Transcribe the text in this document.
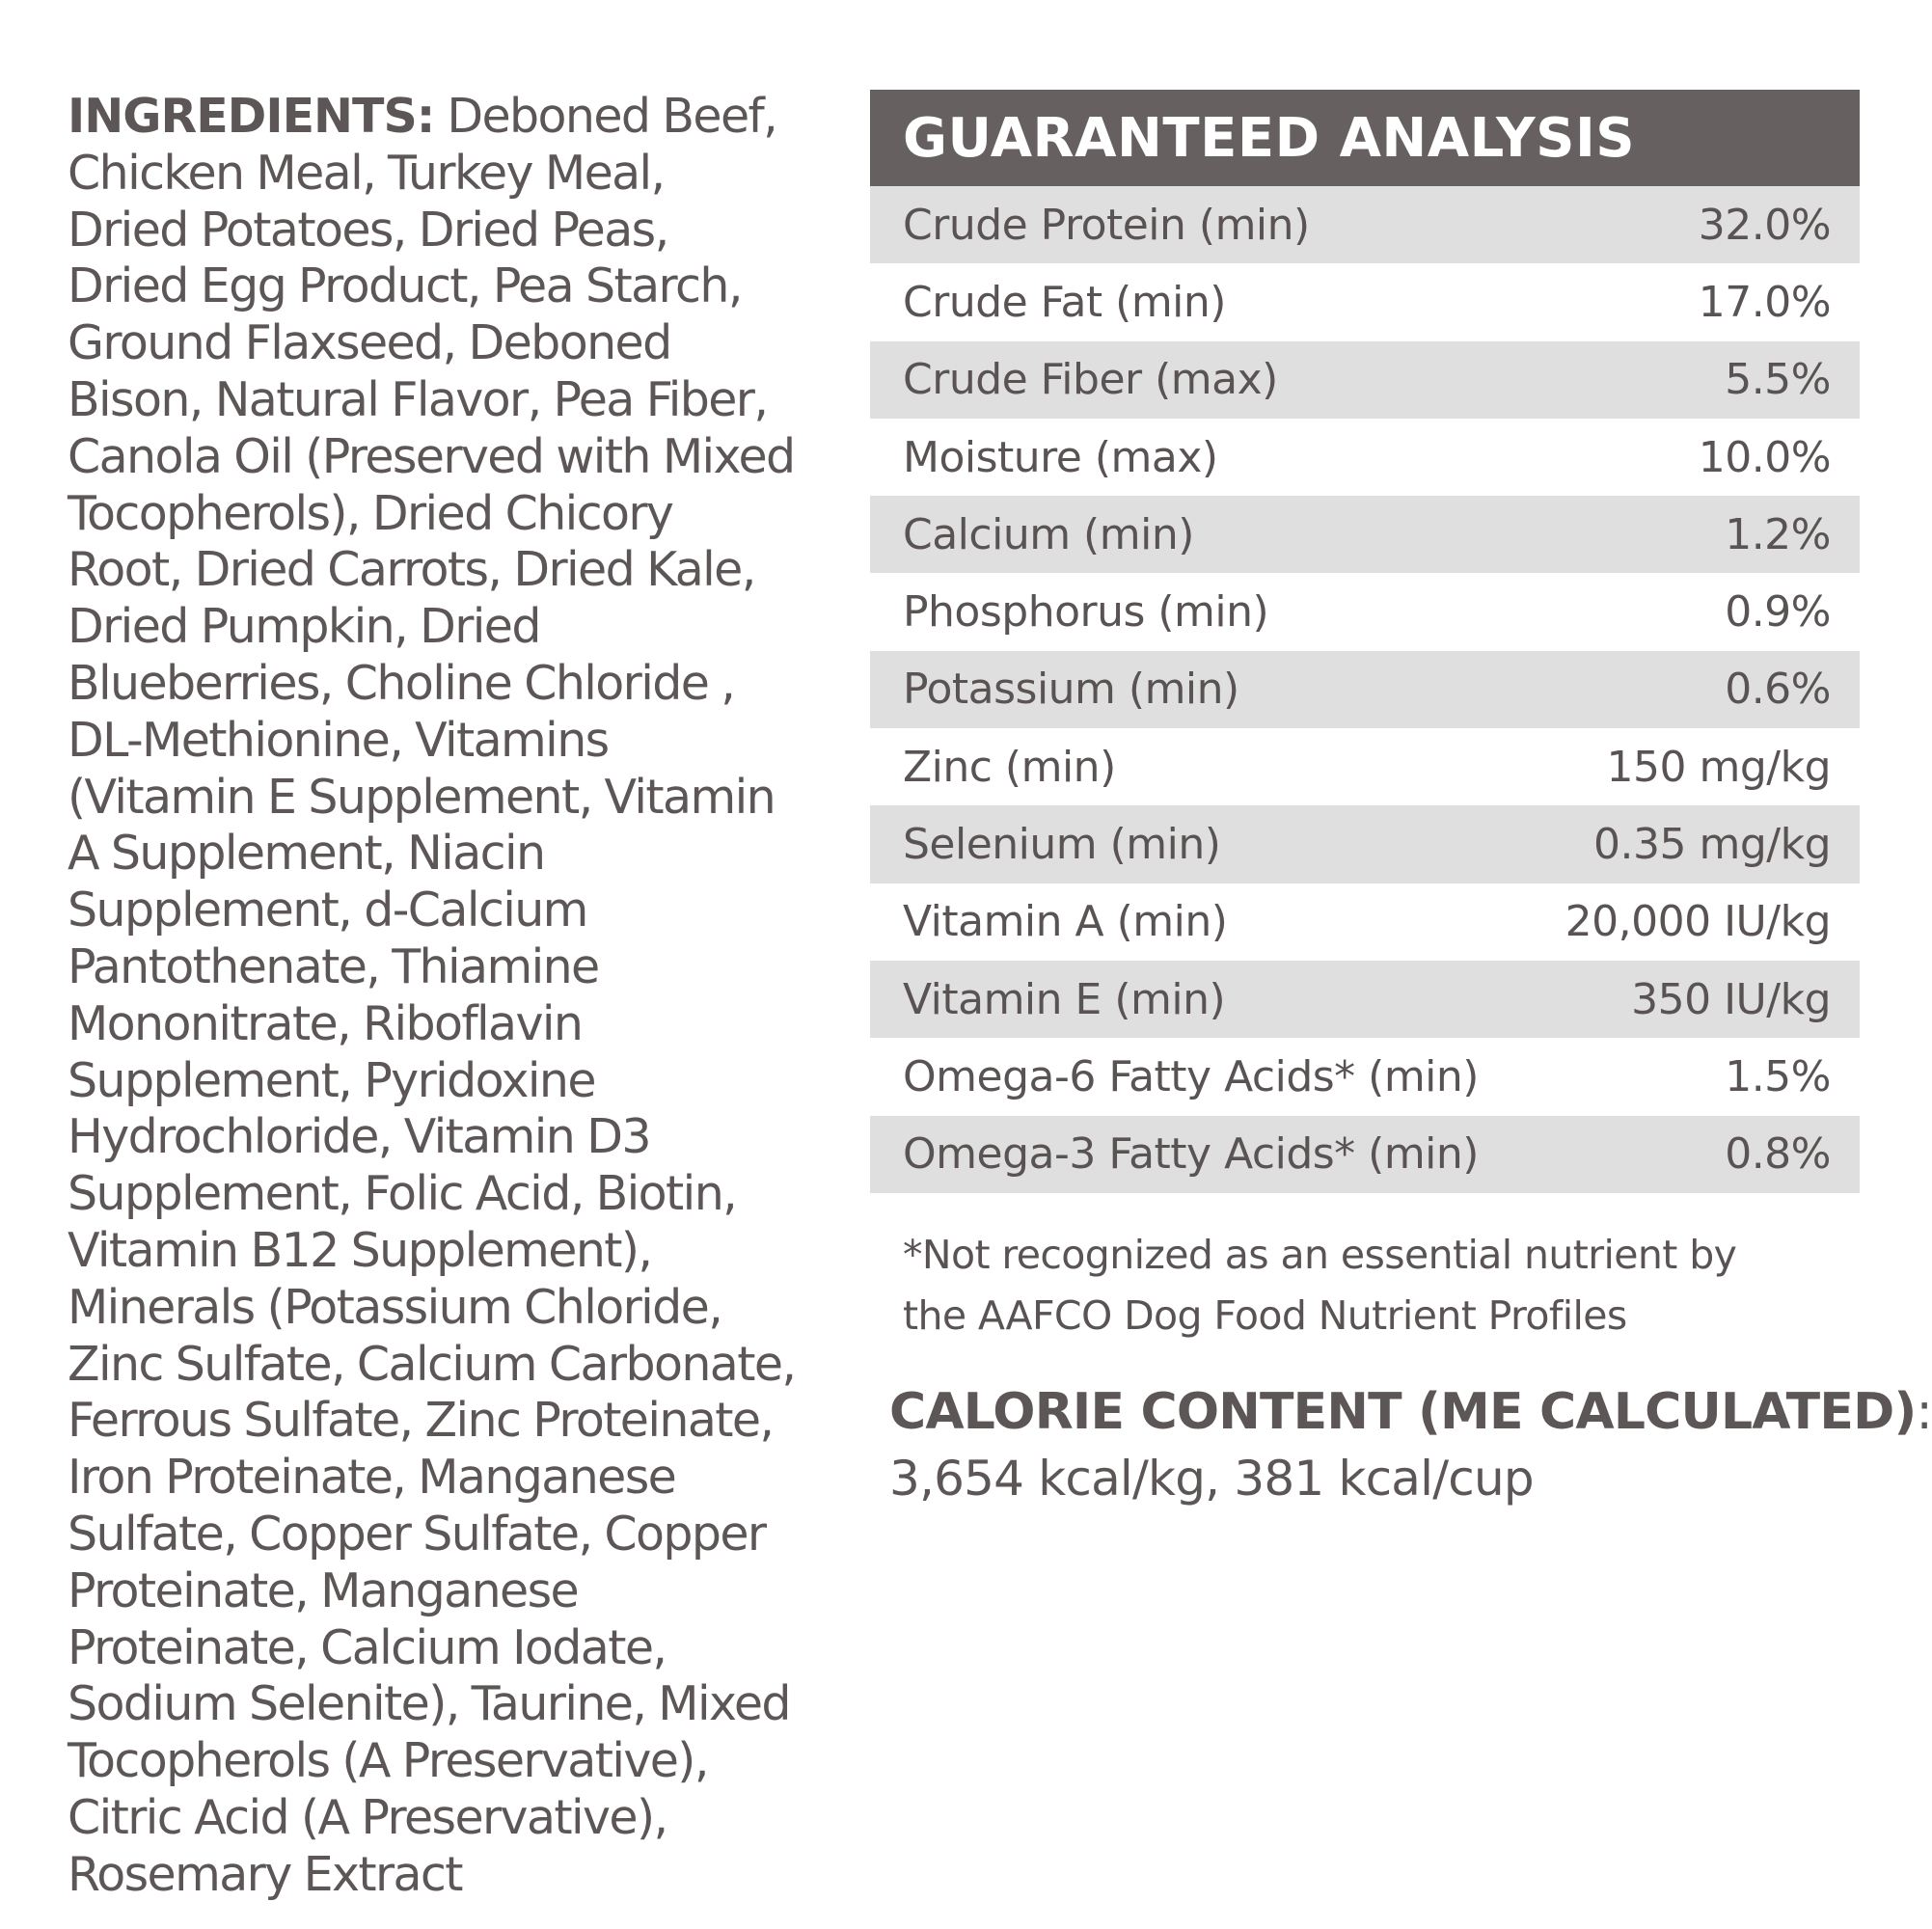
INGREDIENTS: Deboned Beef, Chicken Meal, Turkey Meal, Dried Potatoes, Dried Peas, Dried Egg Product, Pea Starch, Ground Flaxseed, Deboned Bison, Natural Flavor, Pea Fiber, Canola Oil (Preserved with Mixed Tocopherols), Dried Chicory Root, Dried Carrots, Dried Kale, Dried Pumpkin, Dried Blueberries, Choline Chloride , DL-Methionine, Vitamins (Vitamin E Supplement, Vitamin A Supplement, Niacin Supplement, d-Calcium Pantothenate, Thiamine Mononitrate, Riboflavin Supplement, Pyridoxine Hydrochloride, Vitamin D3 Supplement, Folic Acid, Biotin, Vitamin B12 Supplement), Minerals (Potassium Chloride, Zinc Sulfate, Calcium Carbonate, Ferrous Sulfate, Zinc Proteinate, Iron Proteinate, Manganese Sulfate, Copper Sulfate, Copper Proteinate, Manganese Proteinate, Calcium Iodate, Sodium Selenite), Taurine, Mixed Tocopherols (A Preservative), Citric Acid (A Preservative), Rosemary Extract

GUARANTEED ANALYSIS
Crude Protein (min)	32.0%
Crude Fat (min)	17.0%
Crude Fiber (max)	5.5%
Moisture (max)	10.0%
Calcium (min)	1.2%
Phosphorus (min)	0.9%
Potassium (min)	0.6%
Zinc (min)	150 mg/kg
Selenium (min)	0.35 mg/kg
Vitamin A (min)	20,000 IU/kg
Vitamin E (min)	350 IU/kg
Omega-6 Fatty Acids* (min)	1.5%
Omega-3 Fatty Acids* (min)	0.8%

*Not recognized as an essential nutrient by
the AAFCO Dog Food Nutrient Profiles

CALORIE CONTENT (ME CALCULATED):
3,654 kcal/kg, 381 kcal/cup
